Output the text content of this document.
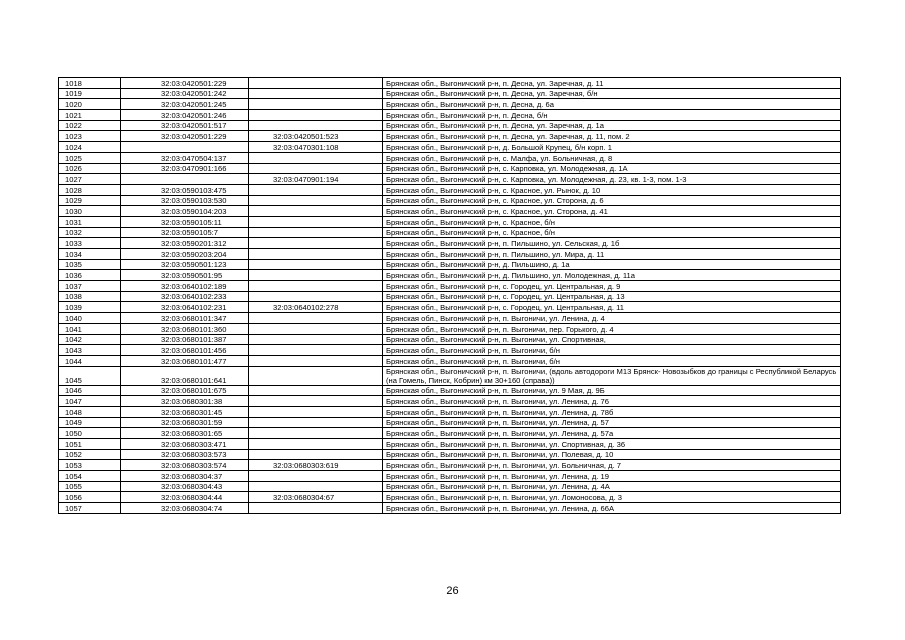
1018	32:03:0420501:229		Брянская обл., Выгоничский р-н, п. Десна, ул. Заречная, д. 11
1019	32:03:0420501:242		Брянская обл., Выгоничский р-н, п. Десна, ул. Заречная, б/н
1020	32:03:0420501:245		Брянская обл., Выгоничский р-н, п. Десна, д. 6а
1021	32:03:0420501:246		Брянская обл., Выгоничский р-н, п. Десна, б/н
1022	32:03:0420501:517		Брянская обл., Выгоничский р-н, п. Десна, ул. Заречная, д. 1а
1023	32:03:0420501:229	32:03:0420501:523	Брянская обл., Выгоничский р-н, п. Десна, ул. Заречная, д. 11, пом. 2
1024		32:03:0470301:108	Брянская обл., Выгоничский р-н, д. Большой Крупец, б/н корп. 1
1025	32:03:0470504:137		Брянская обл., Выгоничский р-н, с. Малфа, ул. Больничная, д. 8
1026	32:03:0470901:166		Брянская обл., Выгоничский р-н, с. Карповка, ул. Молодежная, д. 1А
1027		32:03:0470901:194	Брянская обл., Выгоничский р-н, с. Карповка, ул. Молодежная, д. 23, кв. 1-3, пом. 1-3
1028	32:03:0590103:475		Брянская обл., Выгоничский р-н, с. Красное, ул. Рынок, д. 10
1029	32:03:0590103:530		Брянская обл., Выгоничский р-н, с. Красное, ул. Сторона, д. 6
1030	32:03:0590104:203		Брянская обл., Выгоничский р-н, с. Красное, ул. Сторона, д. 41
1031	32:03:0590105:11		Брянская обл., Выгоничский р-н, с. Красное, б/н
1032	32:03:0590105:7		Брянская обл., Выгоничский р-н, с. Красное, б/н
1033	32:03:0590201:312		Брянская обл., Выгоничский р-н, п. Пильшино, ул. Сельская, д. 1б
1034	32:03:0590203:204		Брянская обл., Выгоничский р-н, п. Пильшино, ул. Мира, д. 11
1035	32:03:0590501:123		Брянская обл., Выгоничский р-н, д. Пильшино, д. 1а
1036	32:03:0590501:95		Брянская обл., Выгоничский р-н, д. Пильшино, ул. Молодежная, д. 11а
1037	32:03:0640102:189		Брянская обл., Выгоничский р-н, с. Городец, ул. Центральная, д. 9
1038	32:03:0640102:233		Брянская обл., Выгоничский р-н, с. Городец, ул. Центральная, д. 13
1039	32:03:0640102:231	32:03:0640102:278	Брянская обл., Выгоничский р-н, с. Городец, ул. Центральная, д. 11
1040	32:03:0680101:347		Брянская обл., Выгоничский р-н, п. Выгоничи, ул. Ленина, д. 4
1041	32:03:0680101:360		Брянская обл., Выгоничский р-н, п. Выгоничи, пер. Горького, д. 4
1042	32:03:0680101:387		Брянская обл., Выгоничский р-н, п. Выгоничи, ул. Спортивная,
1043	32:03:0680101:456		Брянская обл., Выгоничский р-н, п. Выгоничи, б/н
1044	32:03:0680101:477		Брянская обл., Выгоничский р-н, п. Выгоничи, б/н
1045	32:03:0680101:641		Брянская обл., Выгоничский р-н, п. Выгоничи, (вдоль автодороги М13 Брянск- Новозыбков до границы с Республикой Беларусь (на Гомель, Пинск, Кобрин) км 30+160 (справа))
1046	32:03:0680101:675		Брянская обл., Выгоничский р-н, п. Выгоничи, ул. 9 Мая, д. 9Б
1047	32:03:0680301:38		Брянская обл., Выгоничский р-н, п. Выгоничи, ул. Ленина, д. 76
1048	32:03:0680301:45		Брянская обл., Выгоничский р-н, п. Выгоничи, ул. Ленина, д. 78б
1049	32:03:0680301:59		Брянская обл., Выгоничский р-н, п. Выгоничи, ул. Ленина, д. 57
1050	32:03:0680301:65		Брянская обл., Выгоничский р-н, п. Выгоничи, ул. Ленина, д. 57а
1051	32:03:0680303:471		Брянская обл., Выгоничский р-н, п. Выгоничи, ул. Спортивная, д. 36
1052	32:03:0680303:573		Брянская обл., Выгоничский р-н, п. Выгоничи, ул. Полевая, д. 10
1053	32:03:0680303:574	32:03:0680303:619	Брянская обл., Выгоничский р-н, п. Выгоничи, ул. Больничная, д. 7
1054	32:03:0680304:37		Брянская обл., Выгоничский р-н, п. Выгоничи, ул. Ленина, д. 19
1055	32:03:0680304:43		Брянская обл., Выгоничский р-н, п. Выгоничи, ул. Ленина, д. 4А
1056	32:03:0680304:44	32:03:0680304:67	Брянская обл., Выгоничский р-н, п. Выгоничи, ул. Ломоносова, д. 3
1057	32:03:0680304:74		Брянская обл., Выгоничский р-н, п. Выгоничи, ул. Ленина, д. 66А
26
